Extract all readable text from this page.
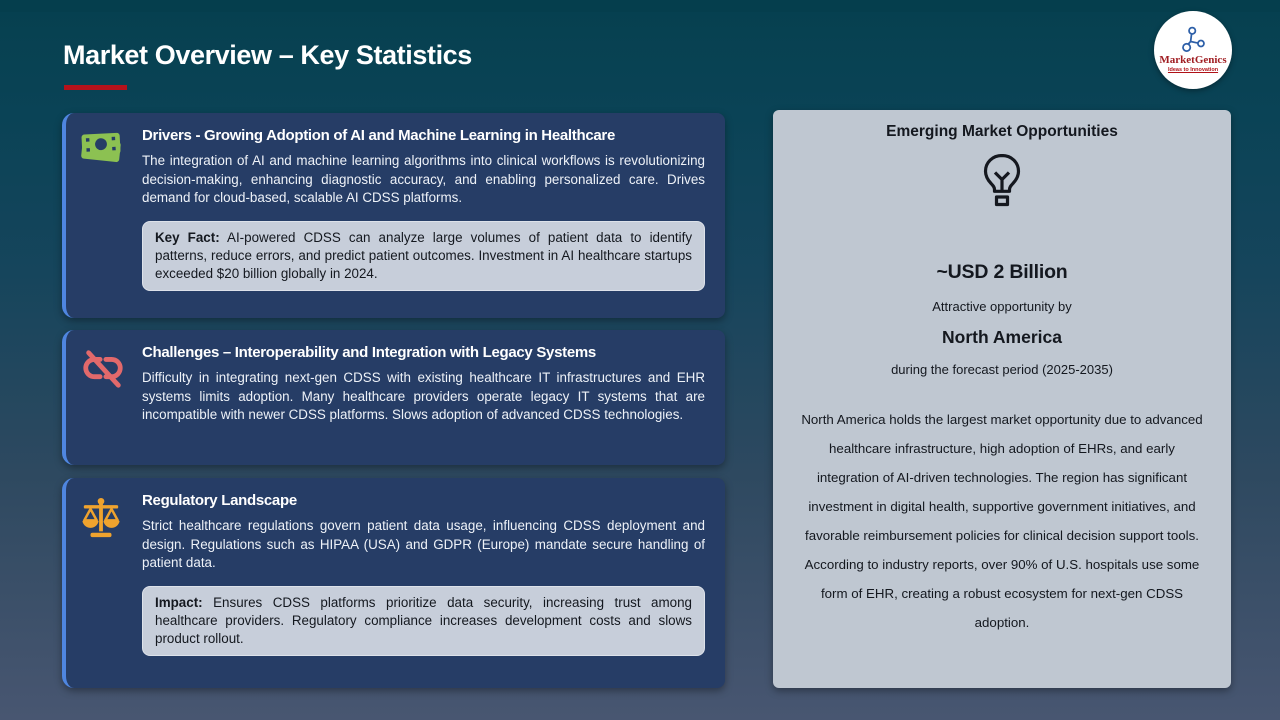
Market Overview – Key Statistics	MarketGenics
Ideas to Innovation
Drivers - Growing Adoption of AI and Machine Learning in Healthcare

The integration of AI and machine learning algorithms into clinical workflows is revolutionizing decision-making, enhancing diagnostic accuracy, and enabling personalized care. Drives demand for cloud-based, scalable AI CDSS platforms.

Key Fact: AI-powered CDSS can analyze large volumes of patient data to identify patterns, reduce errors, and predict patient outcomes. Investment in AI healthcare startups exceeded $20 billion globally in 2024.

Challenges – Interoperability and Integration with Legacy Systems

Difficulty in integrating next-gen CDSS with existing healthcare IT infrastructures and EHR systems limits adoption. Many healthcare providers operate legacy IT systems that are incompatible with newer CDSS platforms. Slows adoption of advanced CDSS technologies.

Regulatory Landscape

Strict healthcare regulations govern patient data usage, influencing CDSS deployment and design. Regulations such as HIPAA (USA) and GDPR (Europe) mandate secure handling of patient data.

Impact: Ensures CDSS platforms prioritize data security, increasing trust among healthcare providers. Regulatory compliance increases development costs and slows product rollout.

Emerging Market Opportunities
~USD 2 Billion
Attractive opportunity by
North America
during the forecast period (2025-2035)

North America holds the largest market opportunity due to advanced healthcare infrastructure, high adoption of EHRs, and early integration of AI-driven technologies. The region has significant investment in digital health, supportive government initiatives, and favorable reimbursement policies for clinical decision support tools. According to industry reports, over 90% of U.S. hospitals use some form of EHR, creating a robust ecosystem for next-gen CDSS adoption.
